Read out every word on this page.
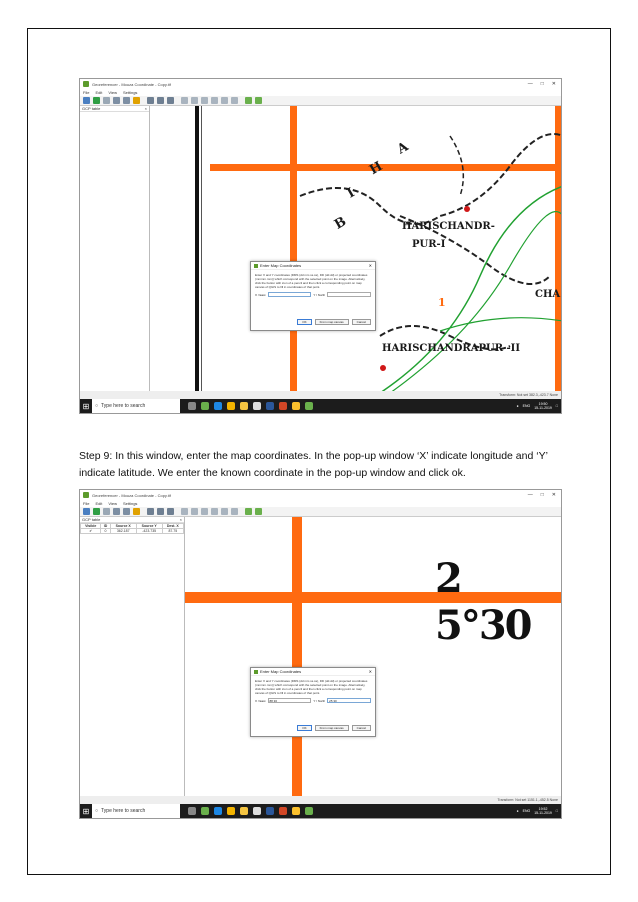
Georeferencer - Mouza Coordinate - Copy.tif	— □ ✕
File Edit View Settings
GCP table	×
B
I
H
A
HARISCHANDR-
PUR-I
HARISCHANDRAPUR -II
CHA
1
Enter Map Coordinates	✕
Enter X and Y coordinates (DMS (dd mm ss.ss), DD (dd.dd) or projected coordinates (mmmm.mm)) which correspond with the selected point on the image. Alternatively, click the button with icon of a pencil and then click a corresponding point on map canvas of QGIS to fill in coordinates of that point.
X / East	Y / North
OK	From map canvas	Cancel
Transform: Not set 382.3,-423.7 None
⊞	○ Type here to search	● ENG	19:50
15-11-2019 □

Step 9: In this window, enter the map coordinates. In the pop-up window ‘X’ indicate longitude and ‘Y’ indicate latitude. We enter the known coordinate in the pop-up window and click ok.

Georeferencer - Mouza Coordinate - Copy.tif	— □ ✕
File Edit View Settings
GCP table	×
Visible	ID	Source X	Source Y	Dest. X
✔	0	362.187	-423.735	87.75
2 5°30
Enter Map Coordinates	✕
Enter X and Y coordinates (DMS (dd mm ss.ss), DD (dd.dd) or projected coordinates (mmmm.mm)) which correspond with the selected point on the image. Alternatively, click the button with icon of a pencil and then click a corresponding point on map canvas of QGIS to fill in coordinates of that point.
X / East	88 30	Y / North	25 30
OK	From map canvas	Cancel
Transform: Not set 1151.1,-452.5 None
⊞	○ Type here to search	● ENG	19:52
15-11-2019 □
